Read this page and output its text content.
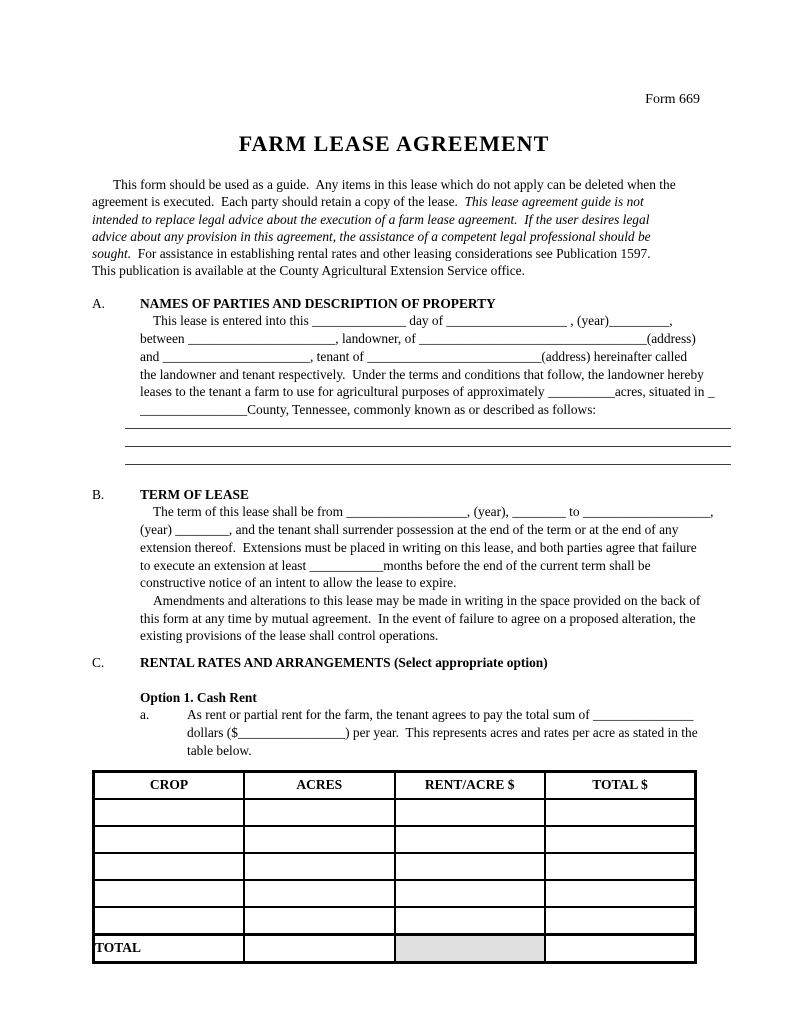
Form 669
FARM LEASE AGREEMENT
This form should be used as a guide.  Any items in this lease which do not apply can be deleted when the
agreement is executed.  Each party should retain a copy of the lease.  This lease agreement guide is not
intended to replace legal advice about the execution of a farm lease agreement.  If the user desires legal
advice about any provision in this agreement, the assistance of a competent legal professional should be
sought.  For assistance in establishing rental rates and other leasing considerations see Publication 1597.
This publication is available at the County Agricultural Extension Service office.
A.	NAMES OF PARTIES AND DESCRIPTION OF PROPERTY
This lease is entered into this ______________ day of __________________ , (year)_________,
between ______________________, landowner, of __________________________________(address)
and ______________________, tenant of __________________________(address) hereinafter called
the landowner and tenant respectively.  Under the terms and conditions that follow, the landowner hereby
leases to the tenant a farm to use for agricultural purposes of approximately __________acres, situated in _
________________County, Tennessee, commonly known as or described as follows:
B.	TERM OF LEASE
The term of this lease shall be from __________________, (year), ________ to ___________________,
(year) ________, and the tenant shall surrender possession at the end of the term or at the end of any
extension thereof.  Extensions must be placed in writing on this lease, and both parties agree that failure
to execute an extension at least ___________months before the end of the current term shall be
constructive notice of an intent to allow the lease to expire.
Amendments and alterations to this lease may be made in writing in the space provided on the back of
this form at any time by mutual agreement.  In the event of failure to agree on a proposed alteration, the
existing provisions of the lease shall control operations.
C.	RENTAL RATES AND ARRANGEMENTS (Select appropriate option)
Option 1. Cash Rent
a.	As rent or partial rent for the farm, the tenant agrees to pay the total sum of _______________
dollars ($________________) per year.  This represents acres and rates per acre as stated in the
table below.
CROP	ACRES	RENT/ACRE $	TOTAL $

TOTAL			
